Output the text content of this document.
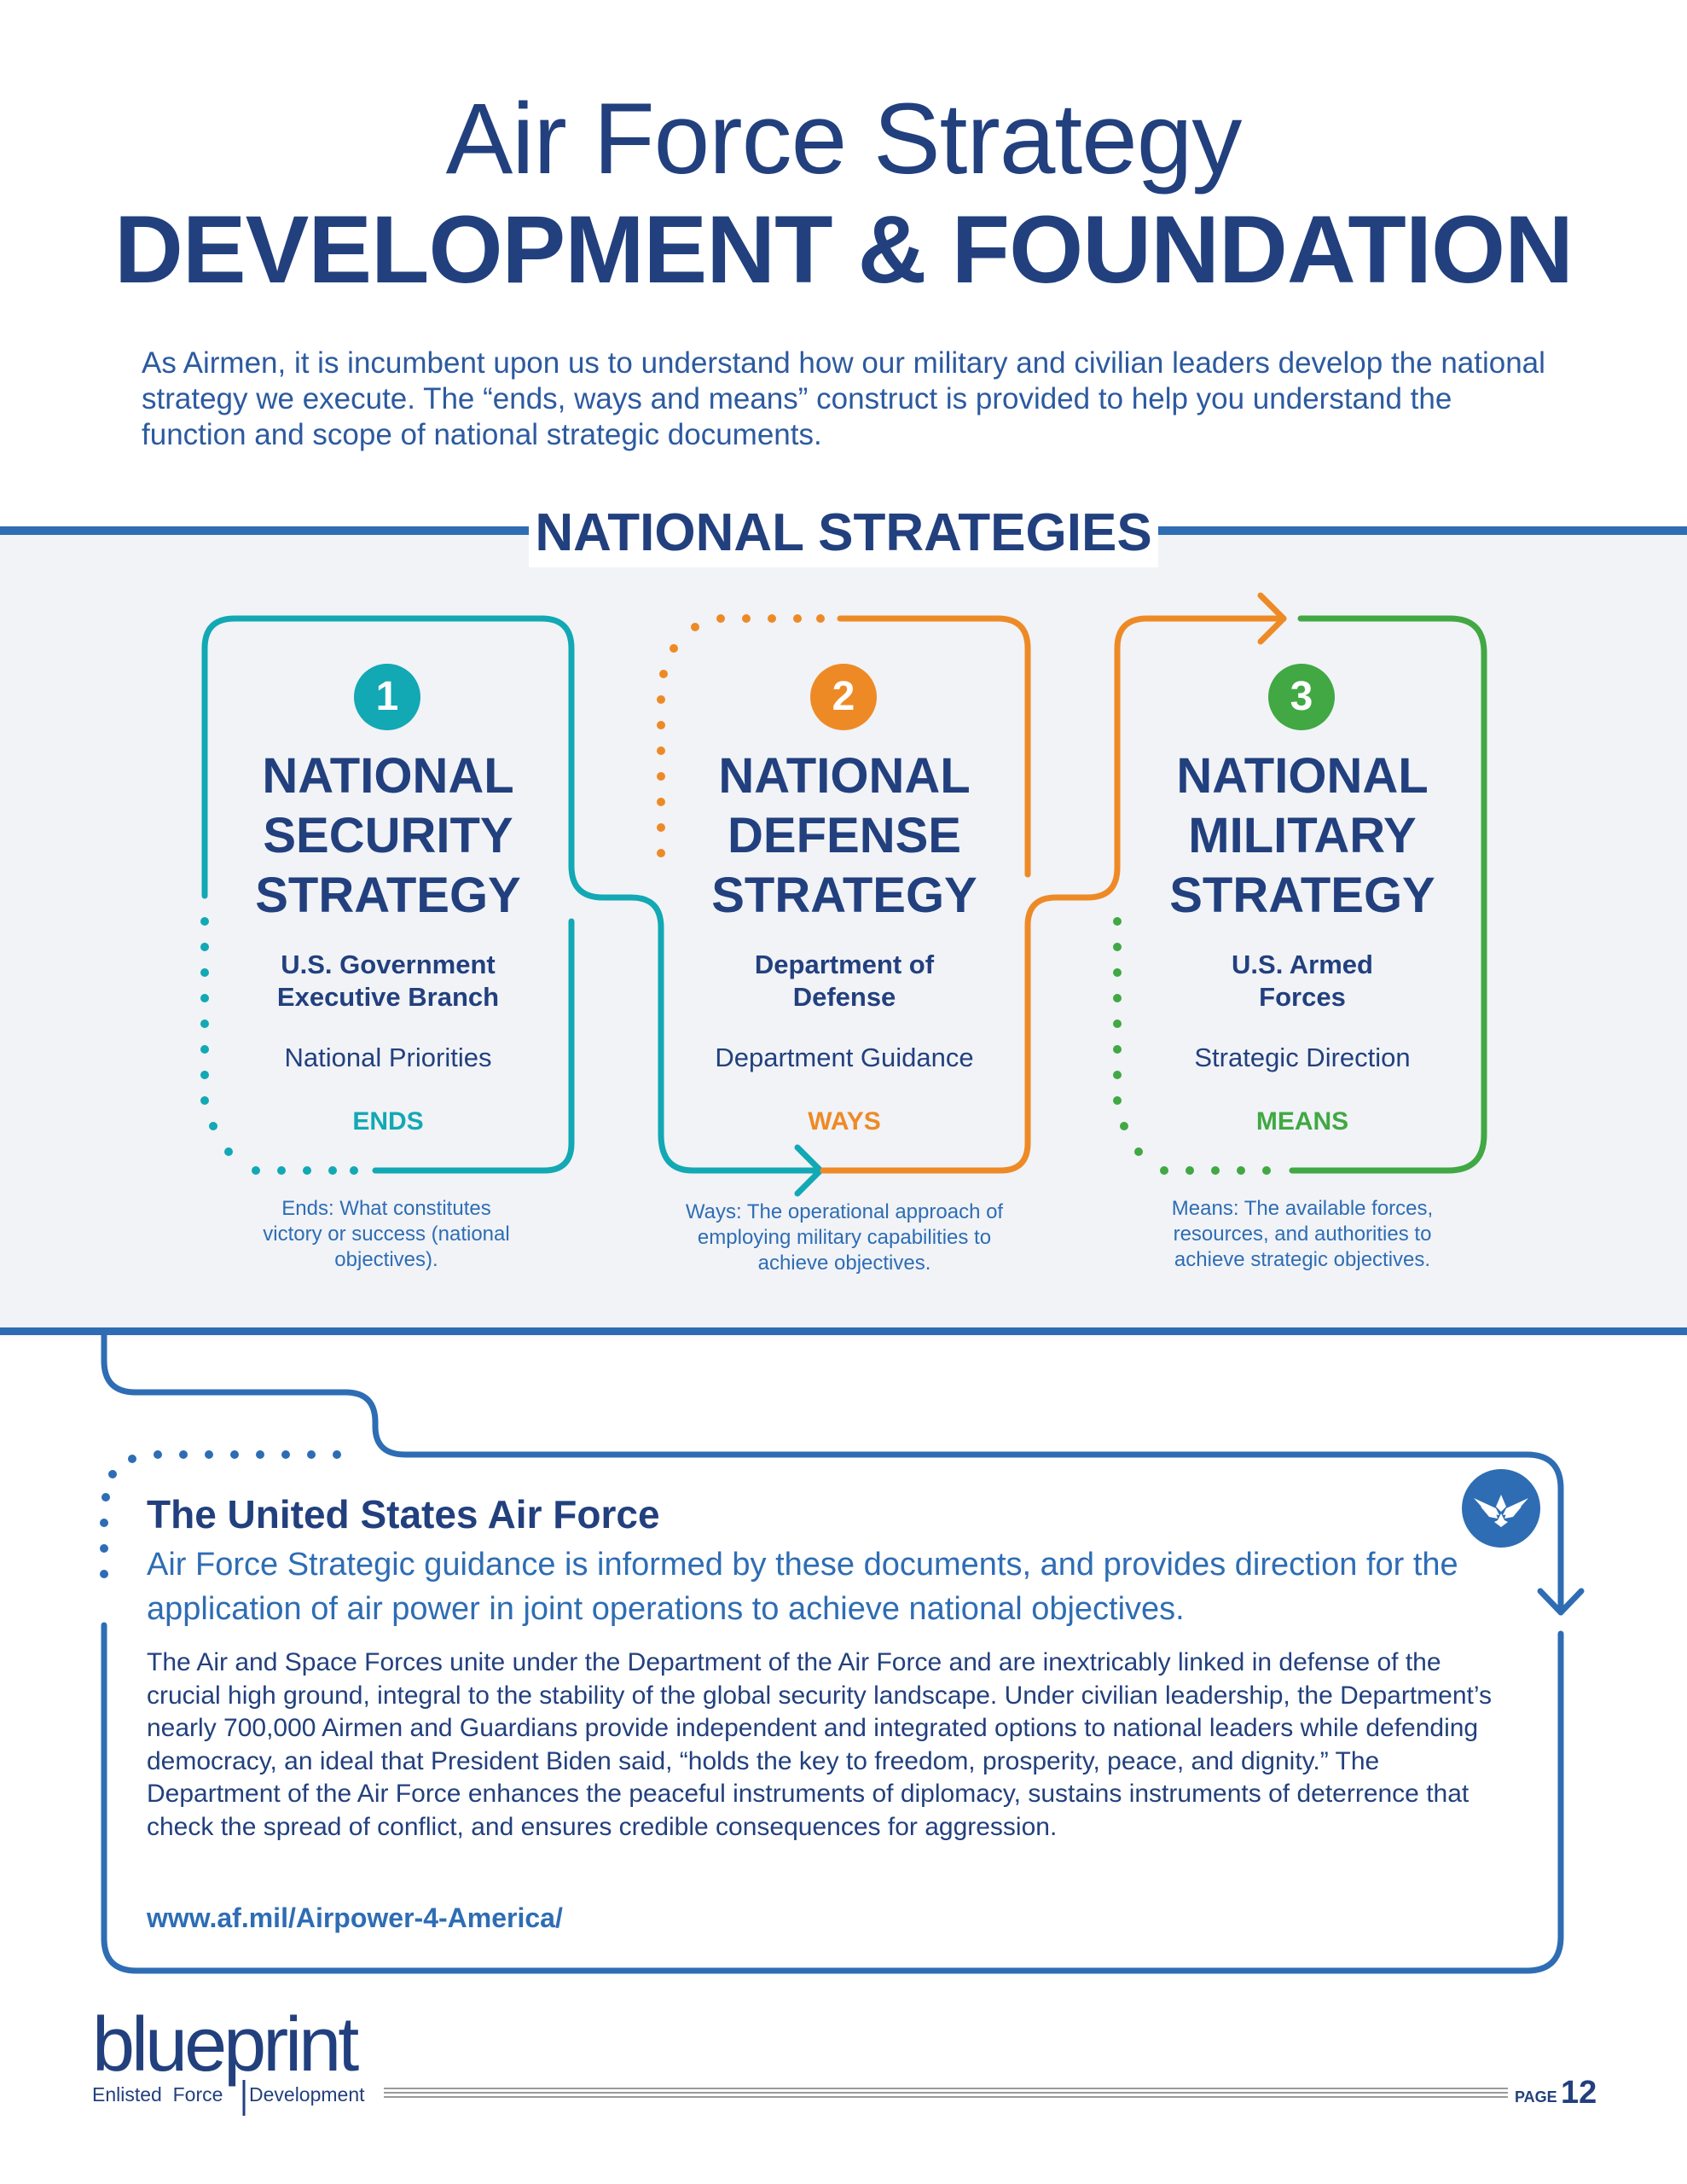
Air Force Strategy
DEVELOPMENT & FOUNDATION
As Airmen, it is incumbent upon us to understand how our military and civilian leaders develop the national strategy we execute. The “ends, ways and means” construct is provided to help you understand the function and scope of national strategic documents.
NATIONAL STRATEGIES
1
NATIONAL SECURITY STRATEGY
U.S. Government Executive Branch
National Priorities
ENDS
Ends: What constitutes victory or success (national objectives).
2
NATIONAL DEFENSE STRATEGY
Department of Defense
Department Guidance
WAYS
Ways: The operational approach of employing military capabilities to achieve objectives.
3
NATIONAL MILITARY STRATEGY
U.S. Armed Forces
Strategic Direction
MEANS
Means: The available forces, resources, and authorities to achieve strategic objectives.
The United States Air Force
Air Force Strategic guidance is informed by these documents, and provides direction for the application of air power in joint operations to achieve national objectives.
The Air and Space Forces unite under the Department of the Air Force and are inextricably linked in defense of the crucial high ground, integral to the stability of the global security landscape. Under civilian leadership, the Department’s nearly 700,000 Airmen and Guardians provide independent and integrated options to national leaders while defending democracy, an ideal that President Biden said, “holds the key to freedom, prosperity, peace, and dignity.” The Department of the Air Force enhances the peaceful instruments of diplomacy, sustains instruments of deterrence that check the spread of conflict, and ensures credible consequences for aggression.
www.af.mil/Airpower-4-America/
blueprint
Enlisted  Force Development	PAGE 12
